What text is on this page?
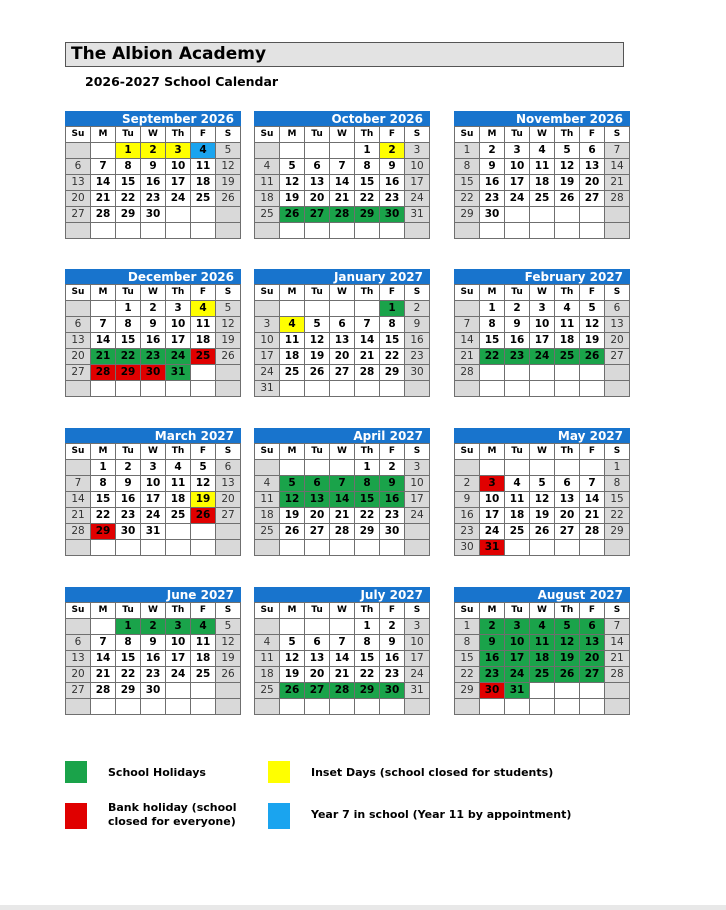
The Albion Academy
2026-2027 School Calendar
September 2026
Su	M	Tu	W	Th	F	S
		1	2	3	4	5
6	7	8	9	10	11	12
13	14	15	16	17	18	19
20	21	22	23	24	25	26
27	28	29	30			

October 2026
Su	M	Tu	W	Th	F	S
				1	2	3
4	5	6	7	8	9	10
11	12	13	14	15	16	17
18	19	20	21	22	23	24
25	26	27	28	29	30	31

November 2026
Su	M	Tu	W	Th	F	S
1	2	3	4	5	6	7
8	9	10	11	12	13	14
15	16	17	18	19	20	21
22	23	24	25	26	27	28
29	30					

December 2026
Su	M	Tu	W	Th	F	S
		1	2	3	4	5
6	7	8	9	10	11	12
13	14	15	16	17	18	19
20	21	22	23	24	25	26
27	28	29	30	31		

January 2027
Su	M	Tu	W	Th	F	S
					1	2
3	4	5	6	7	8	9
10	11	12	13	14	15	16
17	18	19	20	21	22	23
24	25	26	27	28	29	30
31						
February 2027
Su	M	Tu	W	Th	F	S
	1	2	3	4	5	6
7	8	9	10	11	12	13
14	15	16	17	18	19	20
21	22	23	24	25	26	27
28						

March 2027
Su	M	Tu	W	Th	F	S
	1	2	3	4	5	6
7	8	9	10	11	12	13
14	15	16	17	18	19	20
21	22	23	24	25	26	27
28	29	30	31			

April 2027
Su	M	Tu	W	Th	F	S
				1	2	3
4	5	6	7	8	9	10
11	12	13	14	15	16	17
18	19	20	21	22	23	24
25	26	27	28	29	30	

May 2027
Su	M	Tu	W	Th	F	S
						1
2	3	4	5	6	7	8
9	10	11	12	13	14	15
16	17	18	19	20	21	22
23	24	25	26	27	28	29
30	31					
June 2027
Su	M	Tu	W	Th	F	S
		1	2	3	4	5
6	7	8	9	10	11	12
13	14	15	16	17	18	19
20	21	22	23	24	25	26
27	28	29	30			

July 2027
Su	M	Tu	W	Th	F	S
				1	2	3
4	5	6	7	8	9	10
11	12	13	14	15	16	17
18	19	20	21	22	23	24
25	26	27	28	29	30	31

August 2027
Su	M	Tu	W	Th	F	S
1	2	3	4	5	6	7
8	9	10	11	12	13	14
15	16	17	18	19	20	21
22	23	24	25	26	27	28
29	30	31				

School Holidays	Inset Days (school closed for students)
Bank holiday (school
closed for everyone)
Year 7 in school (Year 11 by appointment)
